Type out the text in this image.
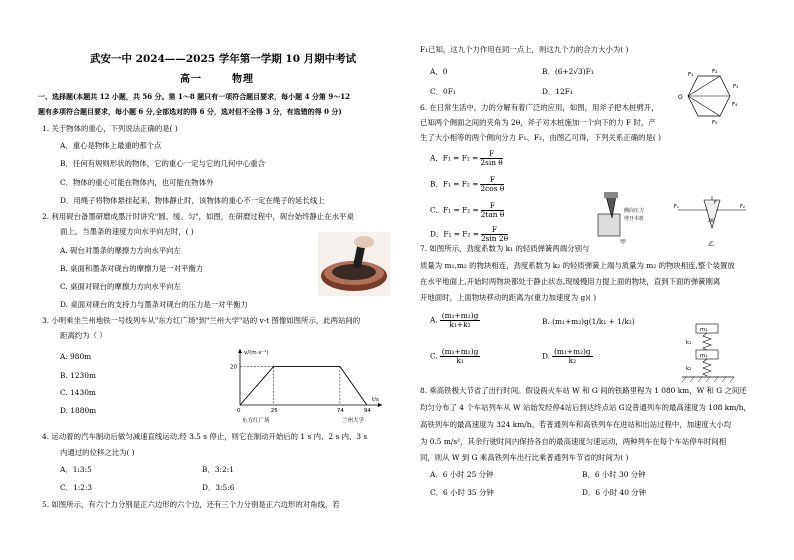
武安一中 2024——2025 学年第一学期 10 月期中考试
高一	物理
一、选择题(本题共 12 小题，共 56 分。第 1～8 题只有一项符合题目要求，每小题 4 分第 9～12
题有多项符合题目要求，每小题 6 分,全部选对的得 6 分，选对但不全得 3 分，有选错的得 0 分)
1. 关于物体的重心，下列说法正确的是( )
A．重心是物体上最重的那个点
B．任何有规则形状的物体，它的重心一定与它的几何中心重合
C．物体的重心可能在物体内，也可能在物体外
D．用绳子将物体悬挂起来，物体静止时，该物体的重心不一定在绳子的延长线上
2. 利用砚台备墨研磨成墨汁时讲究"圆、缓、匀"，如图，在研磨过程中，砚台始终静止在水平桌
面上。当墨条的速度方向水平向左时，( )
A. 砚台对墨条的摩擦力方向水平向左
B. 桌面和墨条对砚台的摩擦力是一对平衡力
C. 桌面对砚台的摩擦力方向水平向左
D. 桌面对砚台的支持力与墨条对砚台的压力是一对平衡力
3. 小明乘坐兰州地铁一号线列车从"东方红广场"到"兰州大学"站的 v-t 图像如图所示，此两站间的
距离约为（ ）
A. 980m
B. 1230m
C. 1430m
D. 1880m
v/(m·s⁻¹)
t/s
0	25	74	94
20
东方红广场	兰州大学
4. 运动着的汽车制动后做匀减速直线运动,经 3.5 s 停止，则它在制动开始后的 1 s 内、2 s 内、3 s
内通过的位移之比为( )
A．1:3:5	B．3:2:1
C．1:2:3	D．3:5:6
5. 如图所示，有六个力分别是正六边形的六个边，还有三个力分别是正六边形的对角线，若
F₁已知，这九个力作用在同一点上，则这九个力的合力大小为( )
A．0	B．(6+2√3)F₁
C．0F₁	D．12F₁
O
F₁	F₂
F₃
F₄
F₅
6. 在日常生活中，力的分解有着广泛的应用，如图，用斧子把木桩劈开，
已知两个侧面之间的夹角为 2θ，斧子对木桩施加一个向下的力 F 时，产
生了大小相等的两个侧向分力 F₁、F₂，由图乙可得，下列关系正确的是( )
A．$F_1 = F_2 = \frac{F}{\text{2sin θ}}$
B．$F_1 = F_2 = \frac{F}{\text{2cos θ}}$
C．$F_1 = F_2 = \frac{F}{\text{2tan θ}}$
D．$F_1 = F_2 = \frac{F}{2\sin 2\theta}$
侧向压力
劈开木桩
甲
F
F₁	F₂
2θ
乙
7. 如图所示，劲度系数为 k₁ 的轻质弹簧两端分别与
质量为 m₁,m₂ 的物块相连，劲度系数为 k₂ 的轻质弹簧上端与质量为 m₂ 的物块相连,整个装置放
在水平地面上,开始时两物块都处于静止状态,现缓慢用力提上面的物块，直到下面的弹簧刚离
开地面时，上面物块移动的距离为(重力加速度为 g)( )
A. $\frac{\text{(m₁+m₂)g}}{\text{k₁+k₂}}$	B. (m₁+m₂)g(1/k₁ + 1/k₂)
C. $\frac{\text{(m₁+m₂)g}}{\text{k₁}}$	D. $\frac{\text{(m₁+m₂)g}}{\text{k₂}}$
m₁
k₁
m₂
k₂
8. 乘高铁极大节省了出行时间。假设两火车站 W 和 G 间的铁路里程为 1 080 km，W 和 G 之间还
均匀分布了 4 个车站列车从 W 站始发经停4站后到达终点站 G设普通列车的最高速度为 108 km/h，
高铁列车的最高速度为 324 km/h。若普通列车和高铁列车在进站和出站过程中，加速度大小均
为 0.5 m/s²，其余行驶时间内保持各自的最高速度匀速运动，两种列车在每个车站停车时间相
同，则从 W 到 G 乘高铁列车出行比乘普通列车节省的时间为( )
A．6 小时 25 分钟	B．6 小时 30 分钟
C．6 小时 35 分钟	D．6 小时 40 分钟
